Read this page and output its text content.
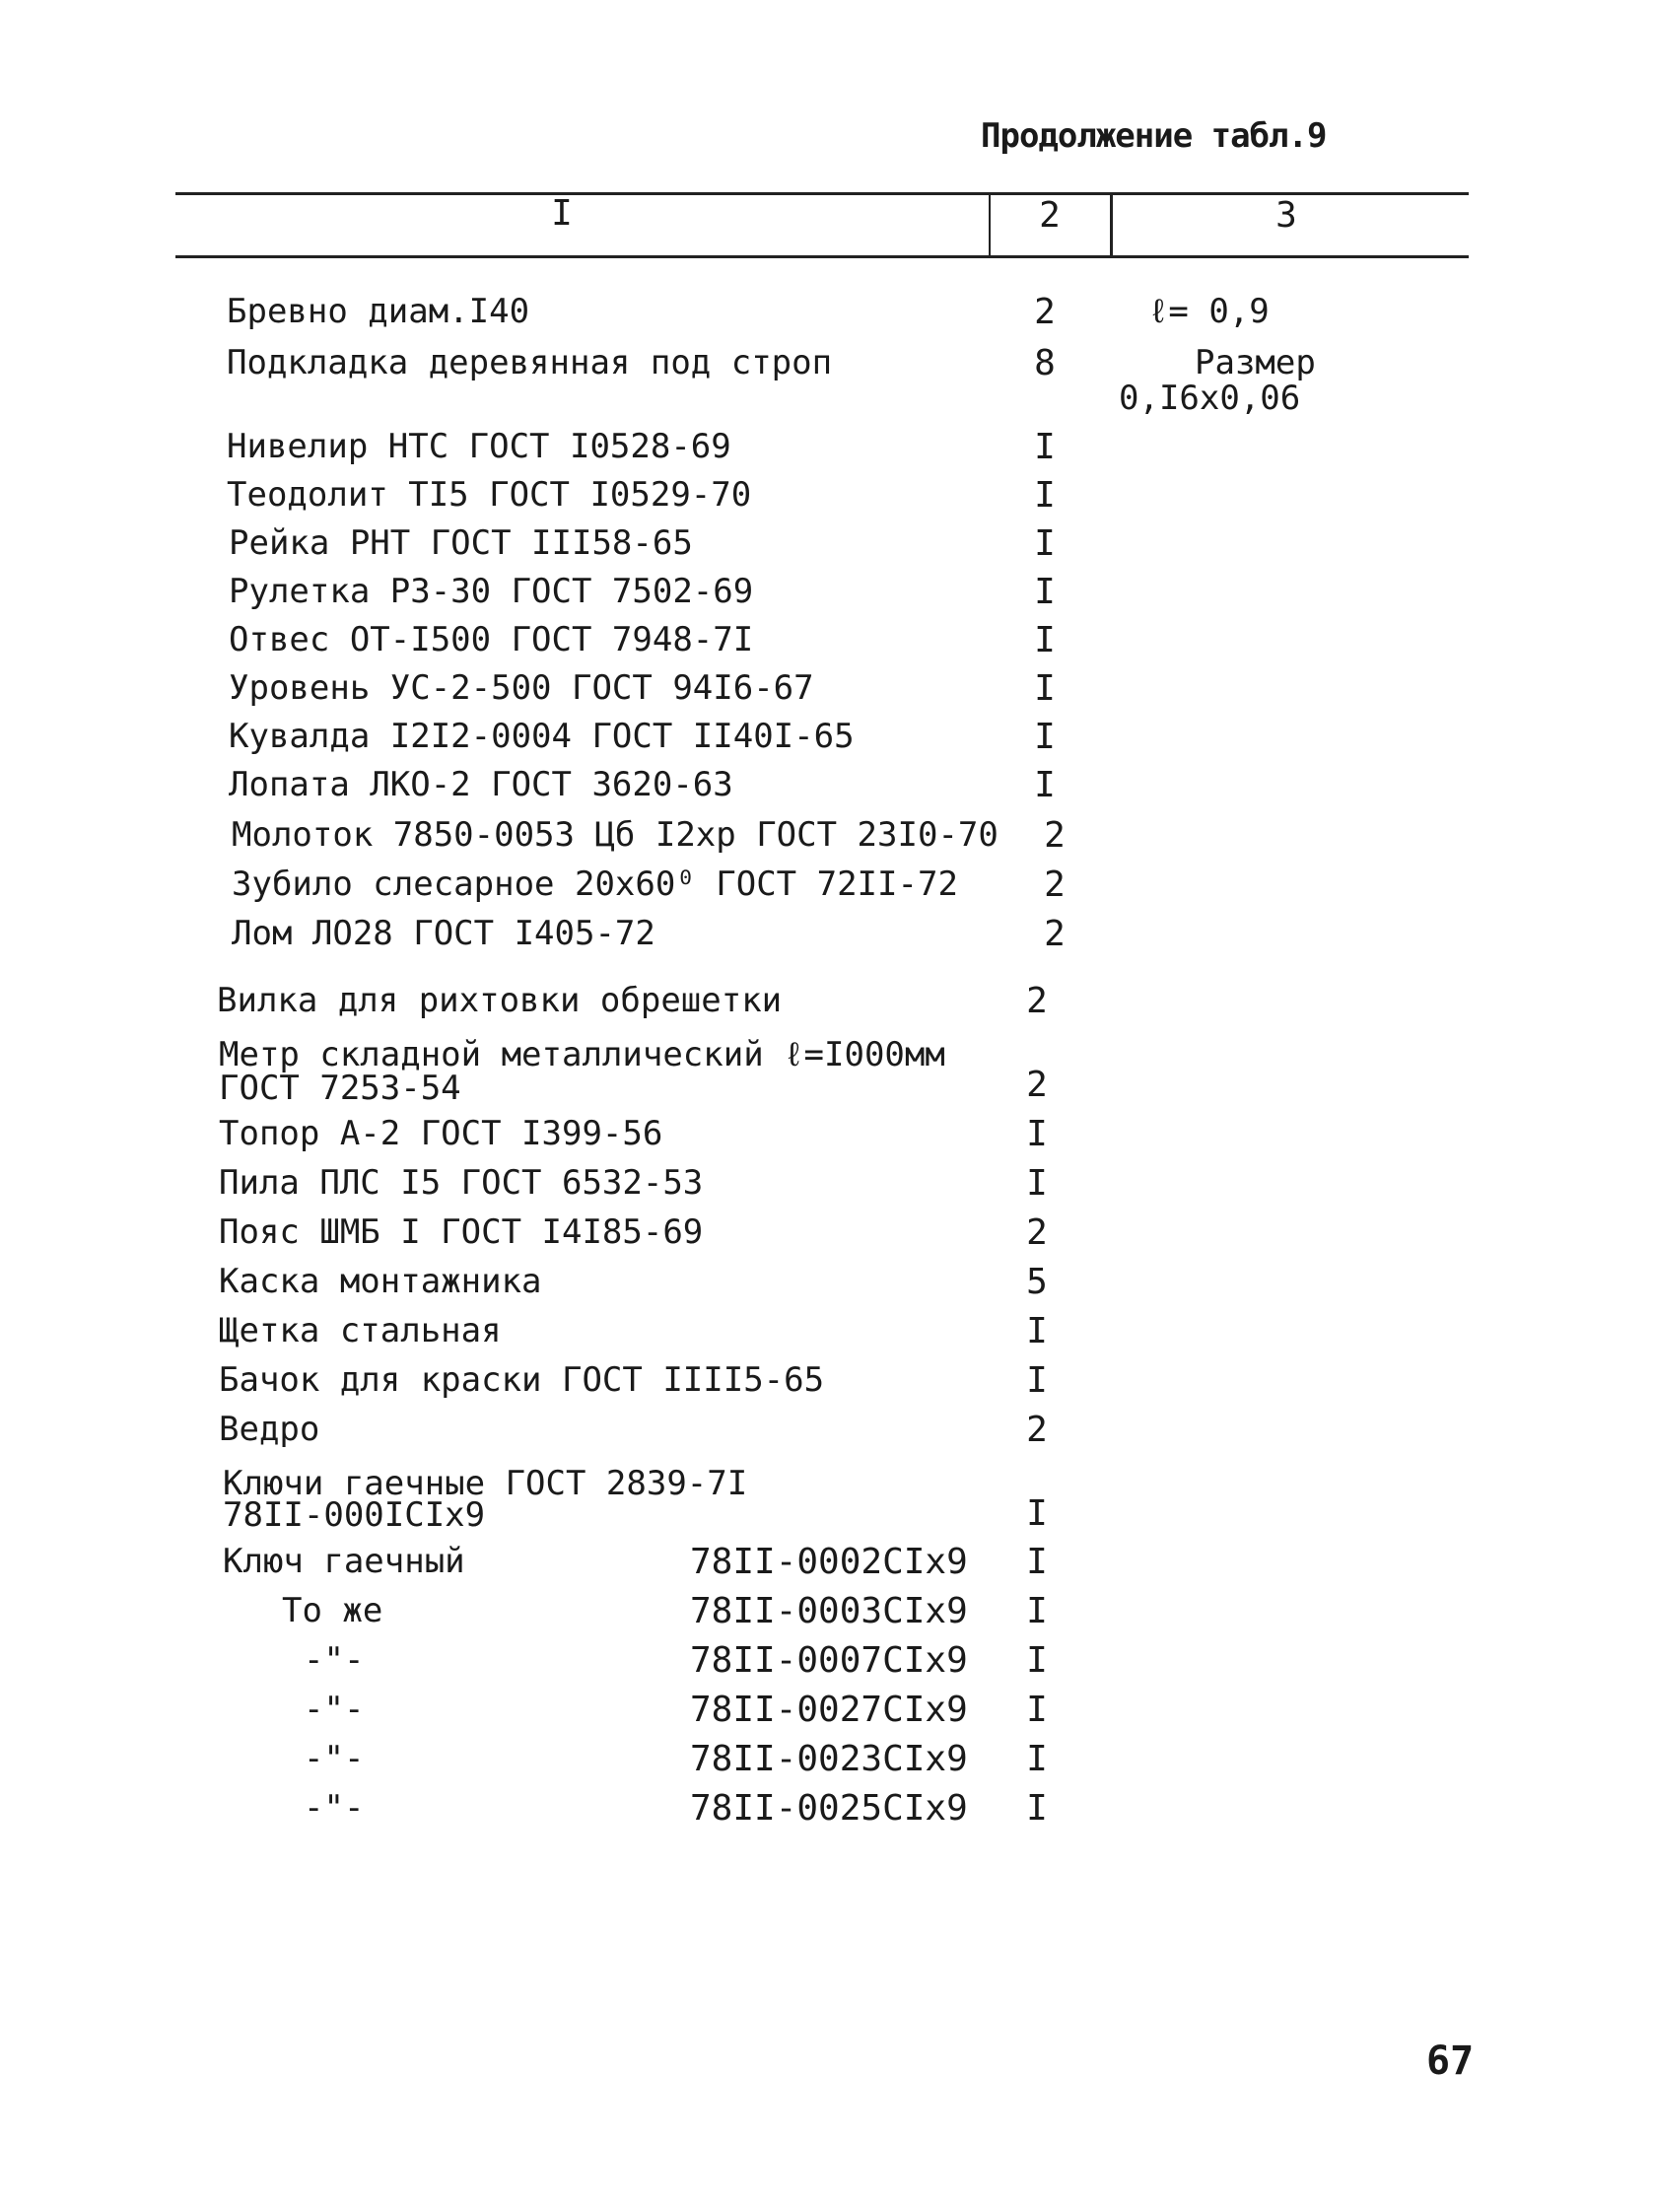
Продолжение табл.9
I	2	3
Бревно диам.I40	2	ℓ= 0,9
Подкладка деревянная под строп	8	Размер
0,I6х0,06
Нивелир НТС ГОСТ I0528-69	I
Теодолит ТI5 ГОСТ I0529-70	I
Рейка РНТ ГОСТ IIІ58-65	I
Рулетка РЗ-30 ГОСТ 7502-69	I
Отвес ОТ-I500 ГОСТ 7948-7I	I
Уровень УС-2-500 ГОСТ 94I6-67	I
Кувалда I2I2-0004 ГОСТ II40I-65	I
Лопата ЛКО-2 ГОСТ 3620-63	I
Молоток 7850-0053 Цб I2хр ГОСТ 23I0-70	2
Зубило слесарное 20х60⁰ ГОСТ 72II-72	2
Лом ЛО28 ГОСТ I405-72	2
Вилка для рихтовки обрешетки	2
Метр складной металлический ℓ=I000мм
ГОСТ 7253-54	2
Топор А-2 ГОСТ I399-56	I
Пила ПЛС I5 ГОСТ 6532-53	I
Пояс ШМБ I ГОСТ I4I85-69	2
Каска монтажника	5
Щетка стальная	I
Бачок для краски ГОСТ IIII5-65	I
Ведро	2
Ключи гаечные ГОСТ 2839-7I
78II-000IСIх9	I
Ключ гаечный	78II-0002СIх9	I
То же	78II-0003СIх9	I
-"-	78II-0007СIх9	I
-"-	78II-0027СIх9	I
-"-	78II-0023СIх9	I
-"-	78II-0025СIх9	I
67
